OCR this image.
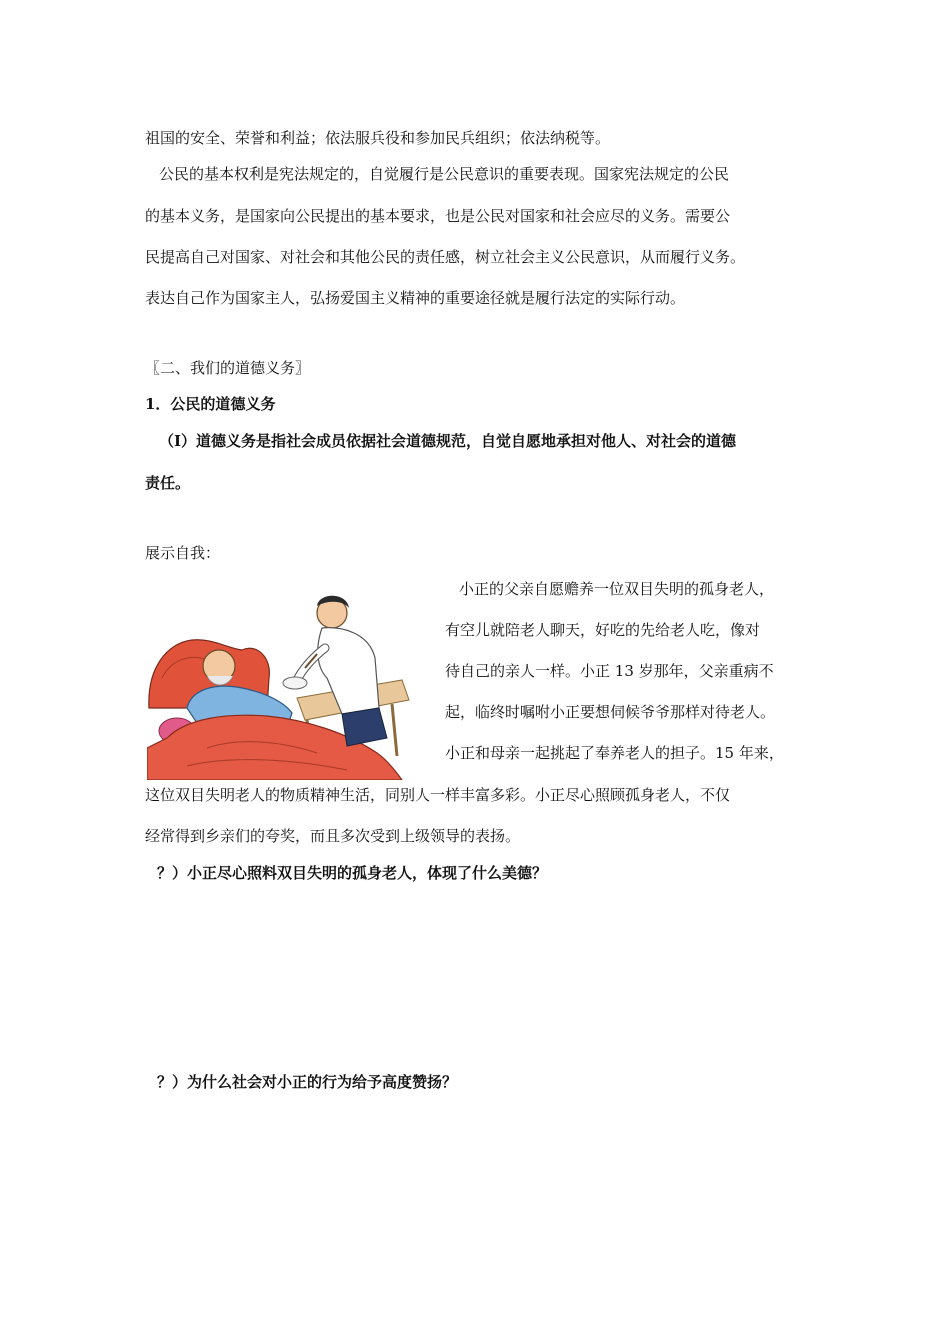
祖国的安全、荣誉和利益；依法服兵役和参加民兵组织；依法纳税等。
公民的基本权利是宪法规定的，自觉履行是公民意识的重要表现。国家宪法规定的公民
的基本义务，是国家向公民提出的基本要求，也是公民对国家和社会应尽的义务。需要公
民提高自己对国家、对社会和其他公民的责任感，树立社会主义公民意识，从而履行义务。
表达自己作为国家主人，弘扬爱国主义精神的重要途径就是履行法定的实际行动。
〖二、我们的道德义务〗
1．公民的道德义务
（I）道德义务是指社会成员依据社会道德规范，自觉自愿地承担对他人、对社会的道德
责任。
展示自我：
小正的父亲自愿赡养一位双目失明的孤身老人，
有空儿就陪老人聊天，好吃的先给老人吃，像对
待自己的亲人一样。小正 13 岁那年，父亲重病不
起，临终时嘱咐小正要想伺候爷爷那样对待老人。
小正和母亲一起挑起了奉养老人的担子。15 年来，
这位双目失明老人的物质精神生活，同别人一样丰富多彩。小正尽心照顾孤身老人，不仅
经常得到乡亲们的夸奖，而且多次受到上级领导的表扬。
？）小正尽心照料双目失明的孤身老人，体现了什么美德？
？）为什么社会对小正的行为给予高度赞扬？
